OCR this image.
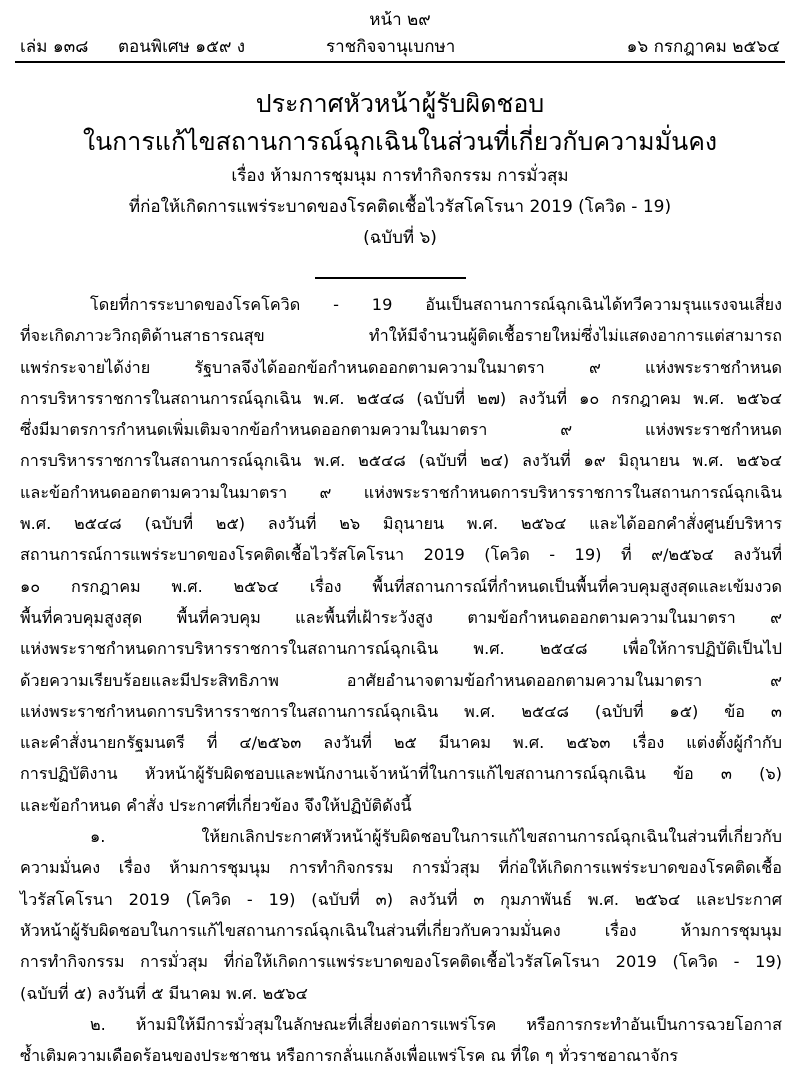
หน้า ๒๙
เล่ม ๑๓๘ ตอนพิเศษ ๑๕๙ ง	ราชกิจจานุเบกษา	๑๖ กรกฎาคม ๒๕๖๔
ประกาศหัวหน้าผู้รับผิดชอบ
ในการแก้ไขสถานการณ์ฉุกเฉินในส่วนที่เกี่ยวกับความมั่นคง
เรื่อง ห้ามการชุมนุม การทำกิจกรรม การมั่วสุม
ที่ก่อให้เกิดการแพร่ระบาดของโรคติดเชื้อไวรัสโคโรนา 2019 (โควิด - 19)
(ฉบับที่ ๖)
โดยที่การระบาดของโรคโควิด - 19 อันเป็นสถานการณ์ฉุกเฉินได้ทวีความรุนแรงจนเสี่ยง
ที่จะเกิดภาวะวิกฤติด้านสาธารณสุข ทำให้มีจำนวนผู้ติดเชื้อรายใหม่ซึ่งไม่แสดงอาการแต่สามารถ
แพร่กระจายได้ง่าย รัฐบาลจึงได้ออกข้อกำหนดออกตามความในมาตรา ๙ แห่งพระราชกำหนด
การบริหารราชการในสถานการณ์ฉุกเฉิน พ.ศ. ๒๕๔๘ (ฉบับที่ ๒๗) ลงวันที่ ๑๐ กรกฎาคม พ.ศ. ๒๕๖๔
ซึ่งมีมาตรการกำหนดเพิ่มเติมจากข้อกำหนดออกตามความในมาตรา ๙ แห่งพระราชกำหนด
การบริหารราชการในสถานการณ์ฉุกเฉิน พ.ศ. ๒๕๔๘ (ฉบับที่ ๒๔) ลงวันที่ ๑๙ มิถุนายน พ.ศ. ๒๕๖๔
และข้อกำหนดออกตามความในมาตรา ๙ แห่งพระราชกำหนดการบริหารราชการในสถานการณ์ฉุกเฉิน
พ.ศ. ๒๕๔๘ (ฉบับที่ ๒๕) ลงวันที่ ๒๖ มิถุนายน พ.ศ. ๒๕๖๔ และได้ออกคำสั่งศูนย์บริหาร
สถานการณ์การแพร่ระบาดของโรคติดเชื้อไวรัสโคโรนา 2019 (โควิด - 19) ที่ ๙/๒๕๖๔ ลงวันที่
๑๐ กรกฎาคม พ.ศ. ๒๕๖๔ เรื่อง พื้นที่สถานการณ์ที่กำหนดเป็นพื้นที่ควบคุมสูงสุดและเข้มงวด
พื้นที่ควบคุมสูงสุด พื้นที่ควบคุม และพื้นที่เฝ้าระวังสูง ตามข้อกำหนดออกตามความในมาตรา ๙
แห่งพระราชกำหนดการบริหารราชการในสถานการณ์ฉุกเฉิน พ.ศ. ๒๕๔๘ เพื่อให้การปฏิบัติเป็นไป
ด้วยความเรียบร้อยและมีประสิทธิภาพ อาศัยอำนาจตามข้อกำหนดออกตามความในมาตรา ๙
แห่งพระราชกำหนดการบริหารราชการในสถานการณ์ฉุกเฉิน พ.ศ. ๒๕๔๘ (ฉบับที่ ๑๕) ข้อ ๓
และคำสั่งนายกรัฐมนตรี ที่ ๔/๒๕๖๓ ลงวันที่ ๒๕ มีนาคม พ.ศ. ๒๕๖๓ เรื่อง แต่งตั้งผู้กำกับ
การปฏิบัติงาน หัวหน้าผู้รับผิดชอบและพนักงานเจ้าหน้าที่ในการแก้ไขสถานการณ์ฉุกเฉิน ข้อ ๓ (๖)
และข้อกำหนด คำสั่ง ประกาศที่เกี่ยวข้อง จึงให้ปฏิบัติดังนี้
๑. ให้ยกเลิกประกาศหัวหน้าผู้รับผิดชอบในการแก้ไขสถานการณ์ฉุกเฉินในส่วนที่เกี่ยวกับ
ความมั่นคง เรื่อง ห้ามการชุมนุม การทำกิจกรรม การมั่วสุม ที่ก่อให้เกิดการแพร่ระบาดของโรคติดเชื้อ
ไวรัสโคโรนา 2019 (โควิด - 19) (ฉบับที่ ๓) ลงวันที่ ๓ กุมภาพันธ์ พ.ศ. ๒๕๖๔ และประกาศ
หัวหน้าผู้รับผิดชอบในการแก้ไขสถานการณ์ฉุกเฉินในส่วนที่เกี่ยวกับความมั่นคง เรื่อง ห้ามการชุมนุม
การทำกิจกรรม การมั่วสุม ที่ก่อให้เกิดการแพร่ระบาดของโรคติดเชื้อไวรัสโคโรนา 2019 (โควิด - 19)
(ฉบับที่ ๕) ลงวันที่ ๕ มีนาคม พ.ศ. ๒๕๖๔
๒. ห้ามมิให้มีการมั่วสุมในลักษณะที่เสี่ยงต่อการแพร่โรค หรือการกระทำอันเป็นการฉวยโอกาส
ซ้ำเติมความเดือดร้อนของประชาชน หรือการกลั่นแกล้งเพื่อแพร่โรค ณ ที่ใด ๆ ทั่วราชอาณาจักร
